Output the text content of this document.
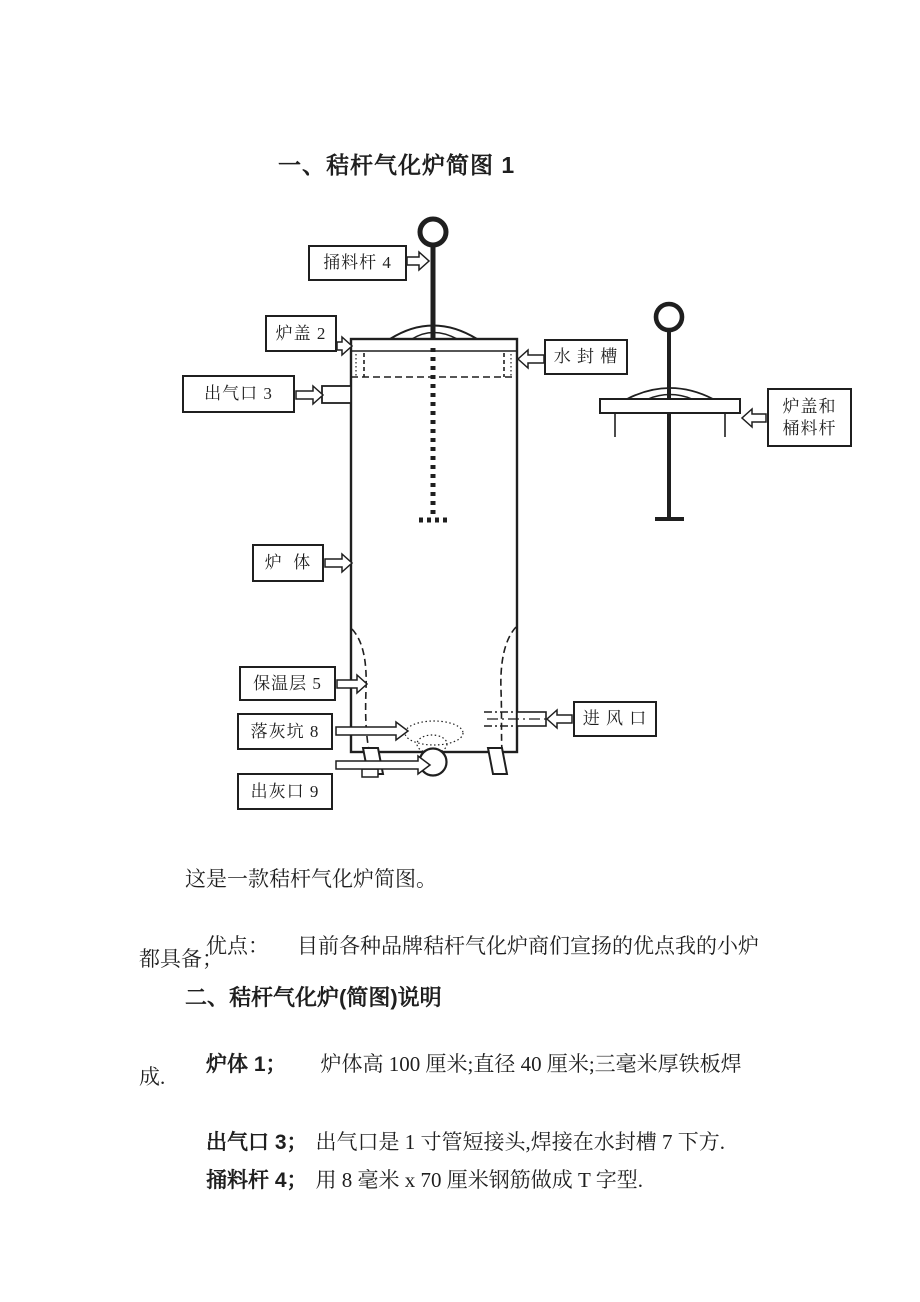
一、秸杆气化炉简图 1
捅料杆 4
炉盖 2
水 封 槽
出气口 3
炉  体
保温层 5
落灰坑 8
出灰口 9
进 风 口
炉盖和
桶料杆
这是一款秸杆气化炉简图。

优点： 目前各种品牌秸杆气化炉商们宣扬的优点我的小炉

都具备；
二、秸杆气化炉(简图)说明

炉体 1； 炉体高 100 厘米;直径 40 厘米;三毫米厚铁板焊

成.

出气口 3； 出气口是 1 寸管短接头,焊接在水封槽 7 下方.

捅料杆 4； 用 8 毫米 x 70 厘米钢筋做成 T 字型.
